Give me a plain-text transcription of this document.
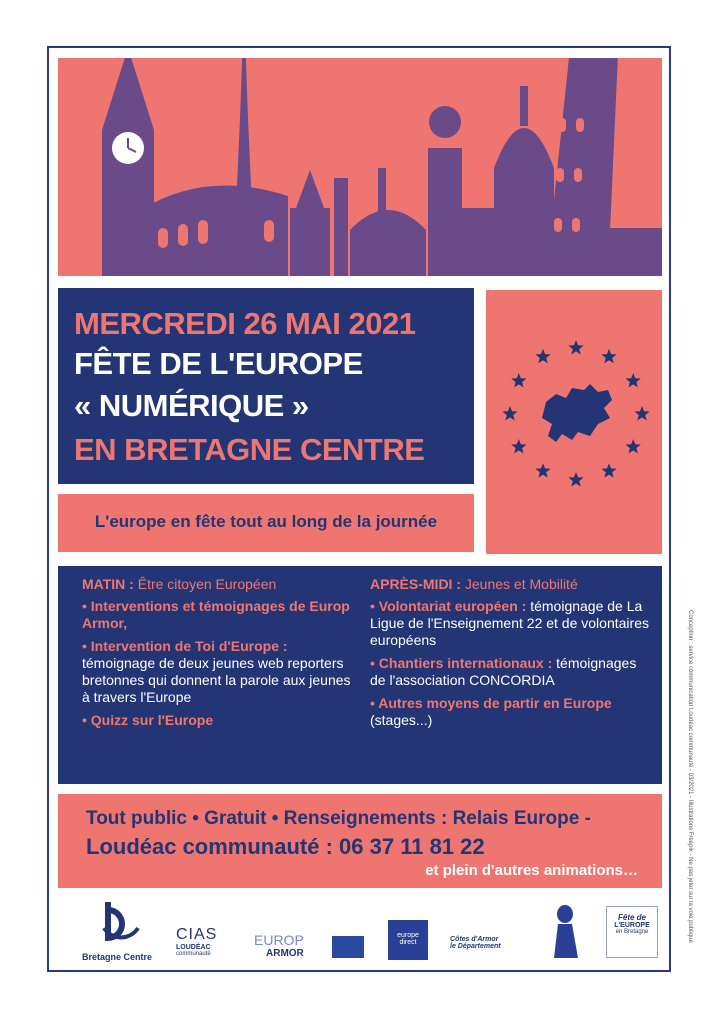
MERCREDI 26 MAI 2021
FÊTE DE L'EUROPE
« NUMÉRIQUE »
EN BRETAGNE CENTRE
L'europe en fête tout au long de la journée
MATIN : Être citoyen Européen
• Interventions et témoignages de Europ Armor,
• Intervention de Toi d'Europe : témoignage de deux jeunes web reporters bretonnes qui donnent la parole aux jeunes à travers l'Europe
• Quizz sur l'Europe
APRÈS-MIDI : Jeunes et Mobilité
• Volontariat européen : témoignage de La Ligue de l'Enseignement 22 et de volontaires européens
• Chantiers internationaux : témoignages de l'association CONCORDIA
• Autres moyens de partir en Europe (stages...)
Tout public • Gratuit • Renseignements : Relais Europe -
Loudéac communauté : 06 37 11 81 22
et plein d'autres animations…	Conception : service communication Loudéac communauté - 03/2021 - Illustrations Freepik - Ne pas jeter sur la voie publique
Bretagne Centre
CIAS
LOUDÉAC
communauté
EUROP
ARMOR
europe direct	Côtes d'Armor
le Département
Fête de
L'EUROPE
en Bretagne
